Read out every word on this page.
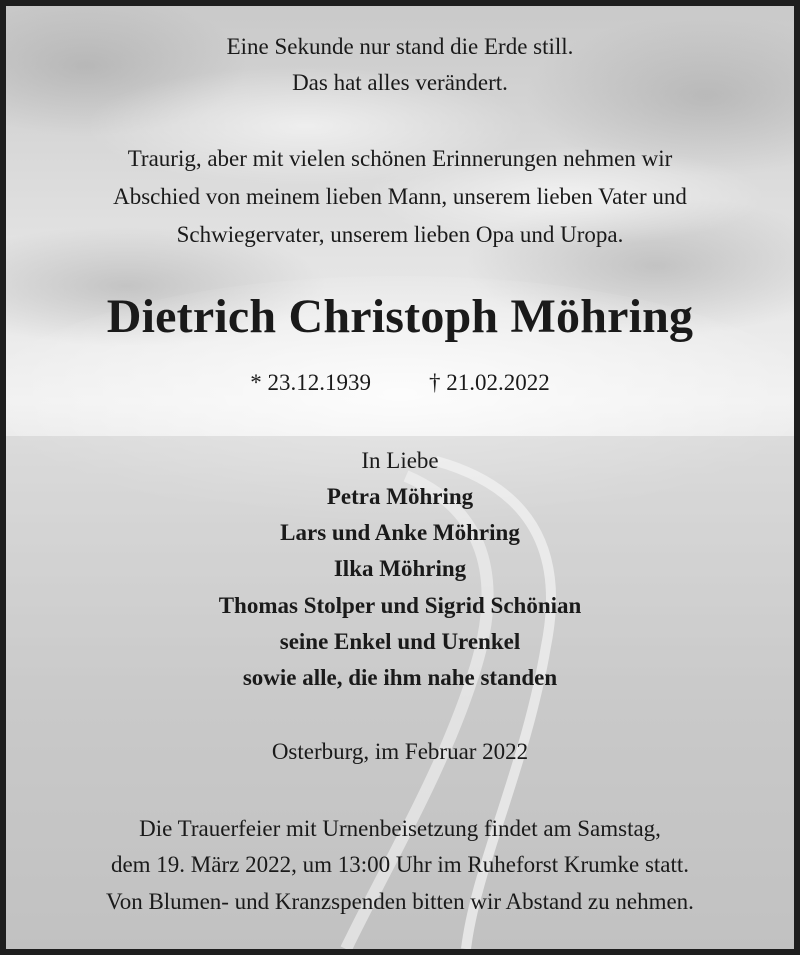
Eine Sekunde nur stand die Erde still.
Das hat alles verändert.
Traurig, aber mit vielen schönen Erinnerungen nehmen wir
Abschied von meinem lieben Mann, unserem lieben Vater und
Schwiegervater, unserem lieben Opa und Uropa.
Dietrich Christoph Möhring
* 23.12.1939	† 21.02.2022
In Liebe
Petra Möhring
Lars und Anke Möhring
Ilka Möhring
Thomas Stolper und Sigrid Schönian
seine Enkel und Urenkel
sowie alle, die ihm nahe standen
Osterburg, im Februar 2022
Die Trauerfeier mit Urnenbeisetzung findet am Samstag,
dem 19. März 2022, um 13:00 Uhr im Ruheforst Krumke statt.
Von Blumen- und Kranzspenden bitten wir Abstand zu nehmen.
